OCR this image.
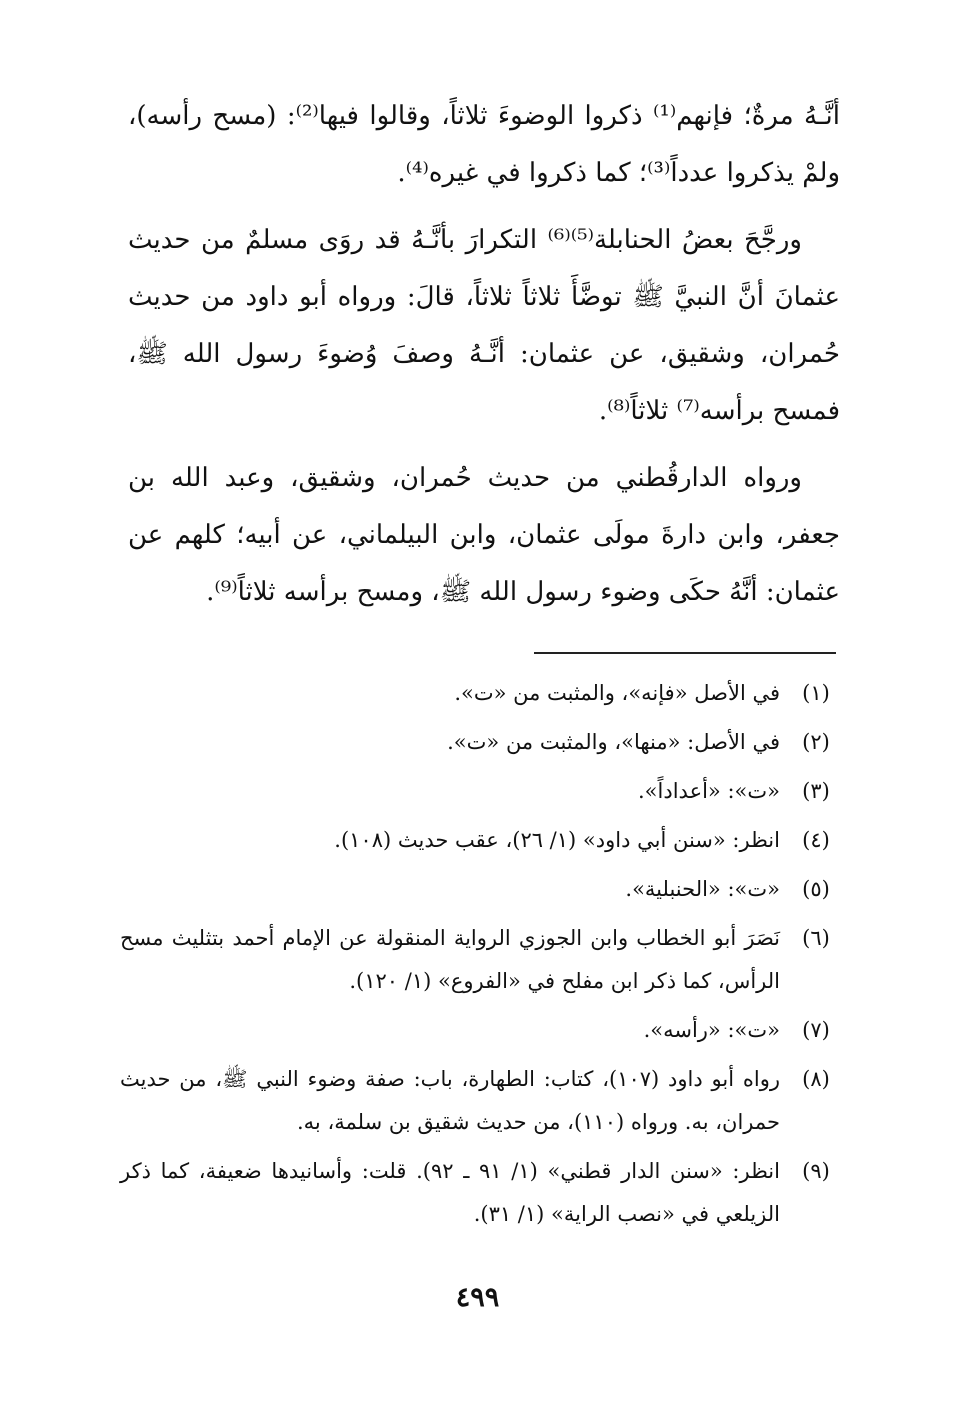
أنَّـهُ مرةٌ؛ فإنهم⁽¹⁾ ذكروا الوضوءَ ثلاثاً، وقالوا فيها⁽²⁾: (مسح رأسه)، ولمْ يذكروا عدداً⁽³⁾؛ كما ذكروا في غيره⁽⁴⁾.

ورجَّحَ بعضُ الحنابلة⁽⁵⁾⁽⁶⁾ التكرارَ بأنَّـهُ قد روَى مسلمٌ من حديث عثمانَ أنَّ النبيَّ ﷺ توضَّأَ ثلاثاً ثلاثاً، قالَ: ورواه أبو داود من حديث حُمران، وشقيق، عن عثمان: أنَّـهُ وصفَ وُضوءَ رسول الله ﷺ، فمسح برأسه⁽⁷⁾ ثلاثاً⁽⁸⁾.

ورواه الدارقُطني من حديث حُمران، وشقيق، وعبد الله بن جعفر، وابن دارةَ مولَى عثمان، وابن البيلماني، عن أبيه؛ كلهم عن عثمان: أنَّهُ حكَى وضوء رسول الله ﷺ، ومسح برأسه ثلاثاً⁽⁹⁾.

(١)
في الأصل «فإنه»، والمثبت من «ت».
(٢)
في الأصل: «منها»، والمثبت من «ت».
(٣)
«ت»: «أعداداً».
(٤)
انظر: «سنن أبي داود» (١/ ٢٦)، عقب حديث (١٠٨).
(٥)
«ت»: «الحنبلية».
(٦)
نَصَرَ أبو الخطاب وابن الجوزي الرواية المنقولة عن الإمام أحمد بتثليث مسح الرأس، كما ذكر ابن مفلح في «الفروع» (١/ ١٢٠).
(٧)
«ت»: «رأسه».
(٨)
رواه أبو داود (١٠٧)، كتاب: الطهارة، باب: صفة وضوء النبي ﷺ، من حديث حمران، به. ورواه (١١٠)، من حديث شقيق بن سلمة، به.
(٩)
انظر: «سنن الدار قطني» (١/ ٩١ ـ ٩٢). قلت: وأسانيدها ضعيفة، كما ذكر الزيلعي في «نصب الراية» (١/ ٣١).
٤٩٩
